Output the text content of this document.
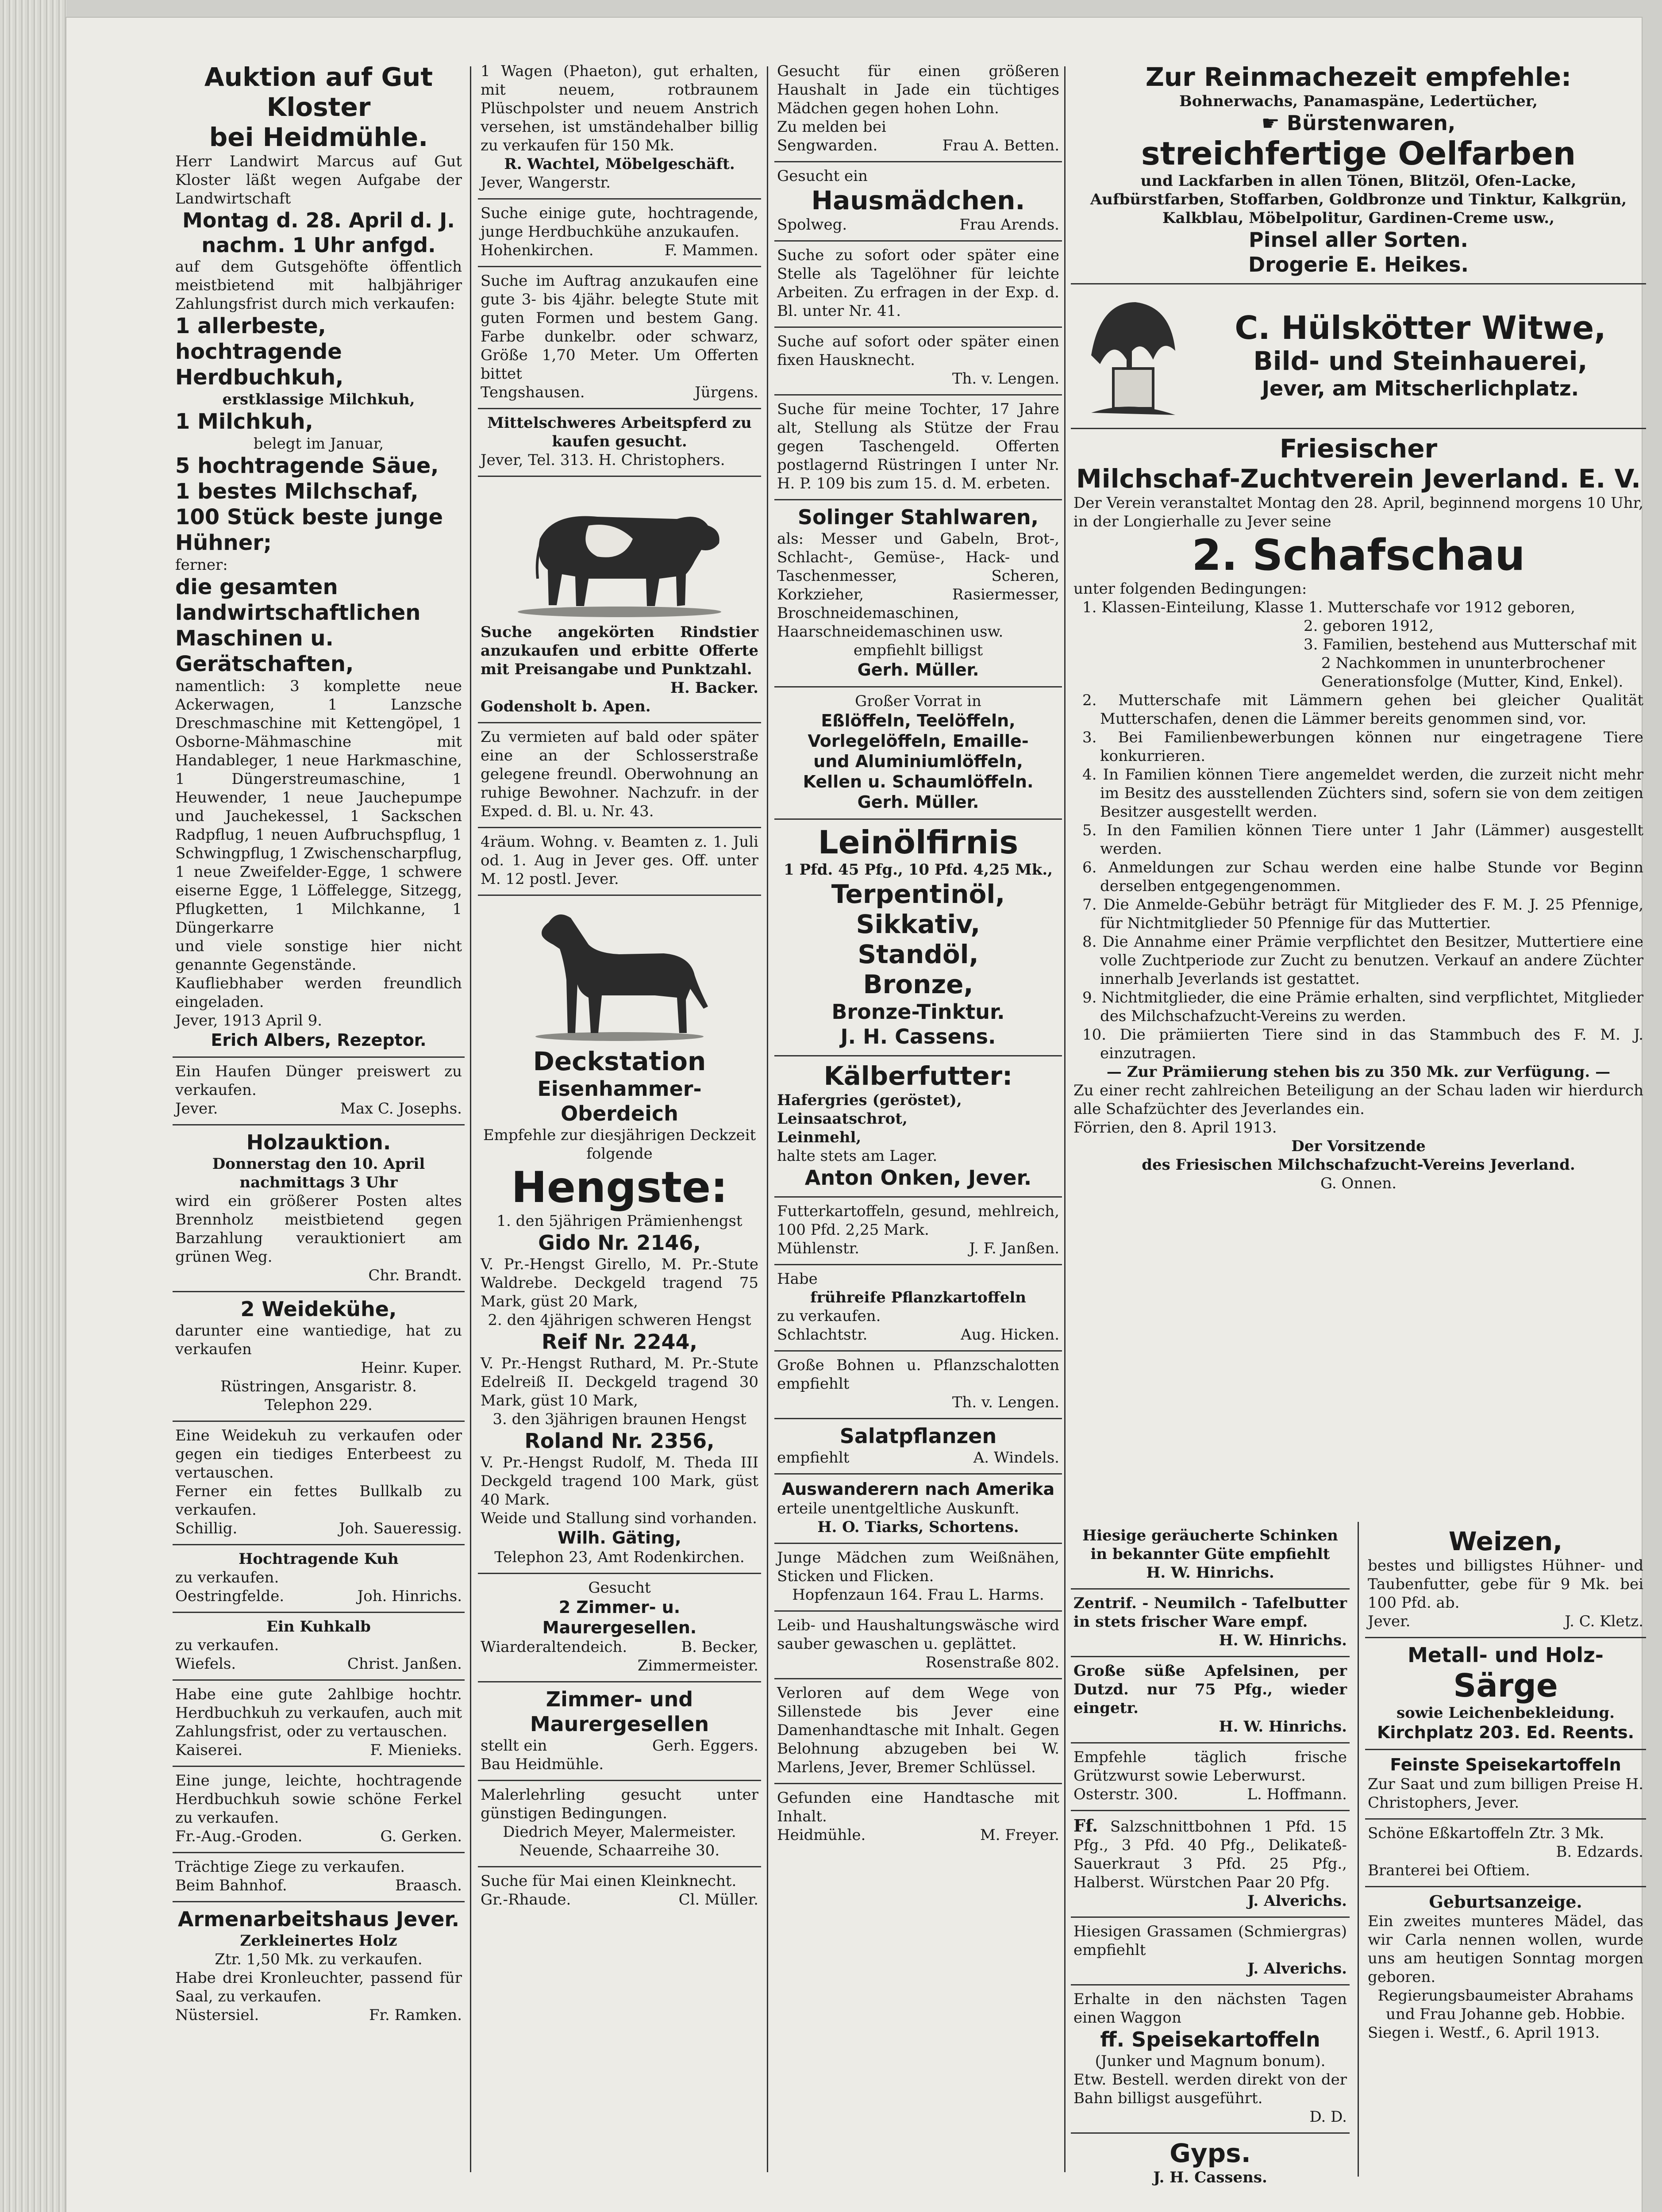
Auktion auf Gut Kloster

bei Heidmühle.

Herr Landwirt Marcus auf Gut Kloster läßt wegen Aufgabe der Landwirtschaft

Montag d. 28. April d. J.

nachm. 1 Uhr anfgd.

auf dem Gutsgehöfte öffentlich meistbietend mit halbjähriger Zahlungsfrist durch mich verkaufen:

1 allerbeste, hochtragende Herdbuchkuh,

erstklassige Milchkuh,

1 Milchkuh,

belegt im Januar,

5 hochtragende Säue,

1 bestes Milchschaf,

100 Stück beste junge Hühner;

ferner:

die gesamten landwirtschaftlichen Maschinen u. Gerätschaften,

namentlich: 3 komplette neue Ackerwagen, 1 Lanzsche Dreschmaschine mit Kettengöpel, 1 Osborne-Mähmaschine mit Handableger, 1 neue Harkmaschine, 1 Düngerstreumaschine, 1 Heuwender, 1 neue Jauchepumpe und Jauchekessel, 1 Sackschen Radpflug, 1 neuen Aufbruchspflug, 1 Schwingpflug, 1 Zwischenscharpflug, 1 neue Zweifelder-Egge, 1 schwere eiserne Egge, 1 Löffelegge, Sitzegg, Pflugketten, 1 Milchkanne, 1 Düngerkarre

und viele sonstige hier nicht genannte Gegenstände.

Kaufliebhaber werden freundlich eingeladen.

Jever, 1913 April 9.

Erich Albers, Rezeptor.

Ein Haufen Dünger preiswert zu verkaufen.

Jever.	Max C. Josephs.

Holzauktion.

Donnerstag den 10. April nachmittags 3 Uhr

wird ein größerer Posten altes Brennholz meistbietend gegen Barzahlung verauktioniert am grünen Weg.

Chr. Brandt.

2 Weidekühe,

darunter eine wantiedige, hat zu verkaufen

Heinr. Kuper.

Rüstringen, Ansgaristr. 8.

Telephon 229.

Eine Weidekuh zu verkaufen oder gegen ein tiediges Enterbeest zu vertauschen.

Ferner ein fettes Bullkalb zu verkaufen.

Schillig.	Joh. Saueressig.

Hochtragende Kuh

zu verkaufen.

Oestringfelde.	Joh. Hinrichs.

Ein Kuhkalb

zu verkaufen.

Wiefels.	Christ. Janßen.

Habe eine gute 2ahlbige hochtr. Herdbuchkuh zu verkaufen, auch mit Zahlungsfrist, oder zu vertauschen.

Kaiserei.	F. Mienieks.

Eine junge, leichte, hochtragende Herdbuchkuh sowie schöne Ferkel zu verkaufen.

Fr.-Aug.-Groden.	G. Gerken.

Trächtige Ziege zu verkaufen.

Beim Bahnhof.	Braasch.

Armenarbeitshaus Jever.

Zerkleinertes Holz

Ztr. 1,50 Mk. zu verkaufen.

Habe drei Kronleuchter, passend für Saal, zu verkaufen.

Nüstersiel.	Fr. Ramken.

1 Wagen (Phaeton), gut erhalten, mit neuem, rotbraunem Plüschpolster und neuem Anstrich versehen, ist umständehalber billig zu verkaufen für 150 Mk.

R. Wachtel, Möbelgeschäft.

Jever, Wangerstr.

Suche einige gute, hochtragende, junge Herdbuchkühe anzukaufen.

Hohenkirchen.	F. Mammen.

Suche im Auftrag anzukaufen eine gute 3- bis 4jähr. belegte Stute mit guten Formen und bestem Gang. Farbe dunkelbr. oder schwarz, Größe 1,70 Meter. Um Offerten bittet

Tengshausen.	Jürgens.

Mittelschweres Arbeitspferd zu kaufen gesucht.

Jever, Tel. 313. H. Christophers.

Suche angekörten Rindstier anzukaufen und erbitte Offerte mit Preisangabe und Punktzahl.

H. Backer.

Godensholt b. Apen.

Zu vermieten auf bald oder später eine an der Schlosserstraße gelegene freundl. Oberwohnung an ruhige Bewohner. Nachzufr. in der Exped. d. Bl. u. Nr. 43.

4räum. Wohng. v. Beamten z. 1. Juli od. 1. Aug in Jever ges. Off. unter M. 12 postl. Jever.

Deckstation

Eisenhammer-Oberdeich

Empfehle zur diesjährigen Deckzeit folgende

Hengste:

1. den 5jährigen Prämienhengst

Gido Nr. 2146,

V. Pr.-Hengst Girello, M. Pr.-Stute Waldrebe. Deckgeld tragend 75 Mark, güst 20 Mark,

2. den 4jährigen schweren Hengst

Reif Nr. 2244,

V. Pr.-Hengst Ruthard, M. Pr.-Stute Edelreiß II. Deckgeld tragend 30 Mark, güst 10 Mark,

3. den 3jährigen braunen Hengst

Roland Nr. 2356,

V. Pr.-Hengst Rudolf, M. Theda III Deckgeld tragend 100 Mark, güst 40 Mark.

Weide und Stallung sind vorhanden.

Wilh. Gäting,

Telephon 23, Amt Rodenkirchen.

Gesucht

2 Zimmer- u. Maurergesellen.

Wiarderaltendeich.	B. Becker,

Zimmermeister.

Zimmer- und Maurergesellen

stellt ein	Gerh. Eggers.

Bau Heidmühle.

Malerlehrling gesucht unter günstigen Bedingungen.

Diedrich Meyer, Malermeister.

Neuende, Schaarreihe 30.

Suche für Mai einen Kleinknecht.

Gr.-Rhaude.	Cl. Müller.

Gesucht für einen größeren Haushalt in Jade ein tüchtiges Mädchen gegen hohen Lohn.

Zu melden bei

Sengwarden.	Frau A. Betten.

Gesucht ein

Hausmädchen.

Spolweg.	Frau Arends.

Suche zu sofort oder später eine Stelle als Tagelöhner für leichte Arbeiten. Zu erfragen in der Exp. d. Bl. unter Nr. 41.

Suche auf sofort oder später einen fixen Hausknecht.

Th. v. Lengen.

Suche für meine Tochter, 17 Jahre alt, Stellung als Stütze der Frau gegen Taschengeld. Offerten postlagernd Rüstringen I unter Nr. H. P. 109 bis zum 15. d. M. erbeten.

Solinger Stahlwaren,

als: Messer und Gabeln, Brot-, Schlacht-, Gemüse-, Hack- und Taschenmesser, Scheren, Korkzieher, Rasiermesser, Broschneidemaschinen, Haarschneidemaschinen usw.

empfiehlt billigst

Gerh. Müller.

Großer Vorrat in

Eßlöffeln, Teelöffeln,

Vorlegelöffeln, Emaille-

und Aluminiumlöffeln,

Kellen u. Schaumlöffeln.

Gerh. Müller.

Leinölfirnis

1 Pfd. 45 Pfg., 10 Pfd. 4,25 Mk.,

Terpentinöl,

Sikkativ,

Standöl,

Bronze,

Bronze-Tinktur.

J. H. Cassens.

Kälberfutter:

Hafergries (geröstet),

Leinsaatschrot,

Leinmehl,

halte stets am Lager.

Anton Onken, Jever.

Futterkartoffeln, gesund, mehlreich, 100 Pfd. 2,25 Mark.

Mühlenstr.	J. F. Janßen.

Habe

frühreife Pflanzkartoffeln

zu verkaufen.

Schlachtstr.	Aug. Hicken.

Große Bohnen u. Pflanzschalotten empfiehlt

Th. v. Lengen.

Salatpflanzen

empfiehlt	A. Windels.

Auswanderern nach Amerika

erteile unentgeltliche Auskunft.

H. O. Tiarks, Schortens.

Junge Mädchen zum Weißnähen, Sticken und Flicken.

Hopfenzaun 164. Frau L. Harms.

Leib- und Haushaltungswäsche wird sauber gewaschen u. geplättet.

Rosenstraße 802.

Verloren auf dem Wege von Sillenstede bis Jever eine Damenhandtasche mit Inhalt. Gegen Belohnung abzugeben bei W. Marlens, Jever, Bremer Schlüssel.

Gefunden eine Handtasche mit Inhalt.

Heidmühle.	M. Freyer.

Zur Reinmachezeit empfehle:

Bohnerwachs, Panamaspäne, Ledertücher,

☛ Bürstenwaren,

streichfertige Oelfarben

und Lackfarben in allen Tönen, Blitzöl, Ofen-Lacke, Aufbürstfarben, Stoffarben, Goldbronze und Tinktur, Kalkgrün, Kalkblau, Möbelpolitur, Gardinen-Creme usw.,

Pinsel aller Sorten.

Drogerie E. Heikes.

C. Hülskötter Witwe,

Bild- und Steinhauerei,

Jever, am Mitscherlichplatz.

Friesischer

Milchschaf-Zuchtverein Jeverland. E. V.

Der Verein veranstaltet Montag den 28. April, beginnend morgens 10 Uhr, in der Longierhalle zu Jever seine

2. Schafschau

unter folgenden Bedingungen:

1. Klassen-Einteilung, Klasse 1. Mutterschafe vor 1912 geboren,

2. geboren 1912,

3. Familien, bestehend aus Mutterschaf mit 2 Nachkommen in ununterbrochener Generationsfolge (Mutter, Kind, Enkel).

2. Mutterschafe mit Lämmern gehen bei gleicher Qualität Mutterschafen, denen die Lämmer bereits genommen sind, vor.

3. Bei Familienbewerbungen können nur eingetragene Tiere konkurrieren.

4. In Familien können Tiere angemeldet werden, die zurzeit nicht mehr im Besitz des ausstellenden Züchters sind, sofern sie von dem zeitigen Besitzer ausgestellt werden.

5. In den Familien können Tiere unter 1 Jahr (Lämmer) ausgestellt werden.

6. Anmeldungen zur Schau werden eine halbe Stunde vor Beginn derselben entgegengenommen.

7. Die Anmelde-Gebühr beträgt für Mitglieder des F. M. J. 25 Pfennige, für Nichtmitglieder 50 Pfennige für das Muttertier.

8. Die Annahme einer Prämie verpflichtet den Besitzer, Muttertiere eine volle Zuchtperiode zur Zucht zu benutzen. Verkauf an andere Züchter innerhalb Jeverlands ist gestattet.

9. Nichtmitglieder, die eine Prämie erhalten, sind verpflichtet, Mitglieder des Milchschafzucht-Vereins zu werden.

10. Die prämiierten Tiere sind in das Stammbuch des F. M. J. einzutragen.

— Zur Prämiierung stehen bis zu 350 Mk. zur Verfügung. —

Zu einer recht zahlreichen Beteiligung an der Schau laden wir hierdurch alle Schafzüchter des Jeverlandes ein.

Förrien, den 8. April 1913.

Der Vorsitzende

des Friesischen Milchschafzucht-Vereins Jeverland.

G. Onnen.

Hiesige geräucherte Schinken in bekannter Güte empfiehlt

H. W. Hinrichs.

Zentrif. - Neumilch - Tafelbutter in stets frischer Ware empf.

H. W. Hinrichs.

Große süße Apfelsinen, per Dutzd. nur 75 Pfg., wieder eingetr.

H. W. Hinrichs.

Empfehle täglich frische Grützwurst sowie Leberwurst.

Osterstr. 300.	L. Hoffmann.

Ff. Salzschnittbohnen 1 Pfd. 15 Pfg., 3 Pfd. 40 Pfg., Delikateß-Sauerkraut 3 Pfd. 25 Pfg., Halberst. Würstchen Paar 20 Pfg.

J. Alverichs.

Hiesigen Grassamen (Schmiergras) empfiehlt

J. Alverichs.

Erhalte in den nächsten Tagen einen Waggon

ff. Speisekartoffeln

(Junker und Magnum bonum).

Etw. Bestell. werden direkt von der Bahn billigst ausgeführt.

D. D.

Gyps.

J. H. Cassens.

Weizen,

bestes und billigstes Hühner- und Taubenfutter, gebe für 9 Mk. bei 100 Pfd. ab.

Jever.	J. C. Kletz.

Metall- und Holz-

Särge

sowie Leichenbekleidung.

Kirchplatz 203. Ed. Reents.

Feinste Speisekartoffeln

Zur Saat und zum billigen Preise H. Christophers, Jever.

Schöne Eßkartoffeln Ztr. 3 Mk.

B. Edzards.

Branterei bei Oftiem.

Geburtsanzeige.

Ein zweites munteres Mädel, das wir Carla nennen wollen, wurde uns am heutigen Sonntag morgen geboren.

Regierungsbaumeister Abrahams und Frau Johanne geb. Hobbie.

Siegen i. Westf., 6. April 1913.
